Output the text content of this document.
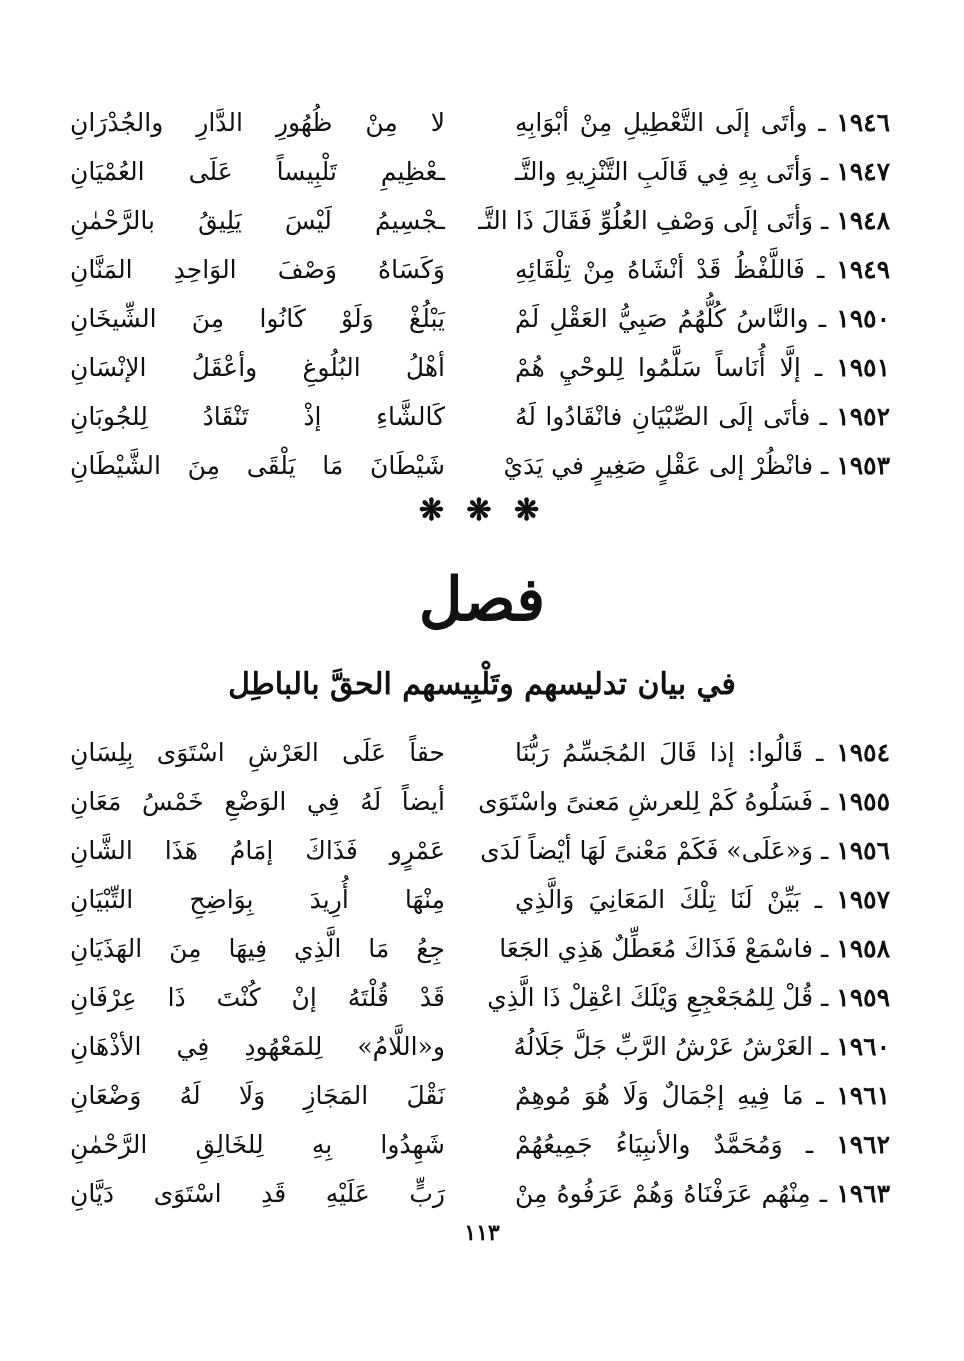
١٩٤٦ ـ وأتَى إلَى التَّعْطِيلِ مِنْ أبْوَابِهِ
لا مِنْ ظُهُورِ الدَّارِ والجُدْرَانِ
١٩٤٧ ـ وَأتَى بِهِ فِي قَالَبِ التَّنْزِيهِ والتَّـ
ـعْظِيمِ تَلْبِيساً عَلَى العُمْيَانِ
١٩٤٨ ـ وَأتَى إلَى وَصْفِ العُلُوِّ فَقَالَ ذَا التَّـ
ـجْسِيمُ لَيْسَ يَلِيقُ بالرَّحْمٰنِ
١٩٤٩ ـ فَاللَّفْظُ قَدْ أنْشَاهُ مِنْ تِلْقَائِهِ
وَكَسَاهُ وَصْفَ الوَاحِدِ المَنَّانِ
١٩٥٠ ـ والنَّاسُ كُلُّهُمُ صَبِيُّ العَقْلِ لَمْ
يَبْلُغْ وَلَوْ كَانُوا مِنَ الشِّيخَانِ
١٩٥١ ـ إلَّا أُنَاساً سَلَّمُوا لِلوحْيِ هُمْ
أهْلُ البُلُوغِ وأعْقَلُ الإنْسَانِ
١٩٥٢ ـ فأتَى إلَى الصِّبْيَانِ فانْقَادُوا لَهُ
كَالشَّاءِ إذْ تَنْقَادُ لِلجُوبَانِ
١٩٥٣ ـ فانْظُرْ إلى عَقْلٍ صَغِيرٍ في يَدَيْ
شَيْطَانَ مَا يَلْقَى مِنَ الشَّيْطَانِ
❋ ❋ ❋
فصل
في بيان تدليسهم وتَلْبِيسهم الحقَّ بالباطِل
١٩٥٤ ـ قَالُوا: إذا قَالَ المُجَسِّمُ رَبُّنَا
حقاً عَلَى العَرْشِ اسْتَوَى بِلِسَانِ
١٩٥٥ ـ فَسَلُوهُ كَمْ لِلعرشِ مَعنىً واسْتَوَى
أيضاً لَهُ فِي الوَضْعِ خَمْسُ مَعَانِ
١٩٥٦ ـ وَ«عَلَى» فَكَمْ مَعْنىً لَهَا أيْضاً لَدَى
عَمْرٍو فَذَاكَ إمَامُ هَذَا الشَّانِ
١٩٥٧ ـ بَيِّنْ لَنَا تِلْكَ المَعَانِيَ وَالَّذِي
مِنْهَا أُرِيدَ بِوَاضِحِ التِّبْيَانِ
١٩٥٨ ـ فاسْمَعْ فَذَاكَ مُعَطِّلٌ هَذِي الجَعَا
جِعُ مَا الَّذِي فِيهَا مِنَ الهَذَيَانِ
١٩٥٩ ـ قُلْ لِلمُجَعْجِعِ وَيْلَكَ اعْقِلْ ذَا الَّذِي
قَدْ قُلْتَهُ إنْ كُنْتَ ذَا عِرْفَانِ
١٩٦٠ ـ العَرْشُ عَرْشُ الرَّبِّ جَلَّ جَلَالُهُ
و«اللَّامُ» لِلمَعْهُودِ فِي الأذْهَانِ
١٩٦١ ـ مَا فِيهِ إجْمَالٌ وَلَا هُوَ مُوهِمٌ
نَقْلَ المَجَازِ وَلَا لَهُ وَضْعَانِ
١٩٦٢ ـ وَمُحَمَّدٌ والأنبِيَاءُ جَمِيعُهُمْ
شَهِدُوا بِهِ لِلخَالِقِ الرَّحْمٰنِ
١٩٦٣ ـ مِنْهُم عَرَفْنَاهُ وَهُمْ عَرَفُوهُ مِنْ
رَبٍّ عَلَيْهِ قَدِ اسْتَوَى دَيَّانِ
١١٣
